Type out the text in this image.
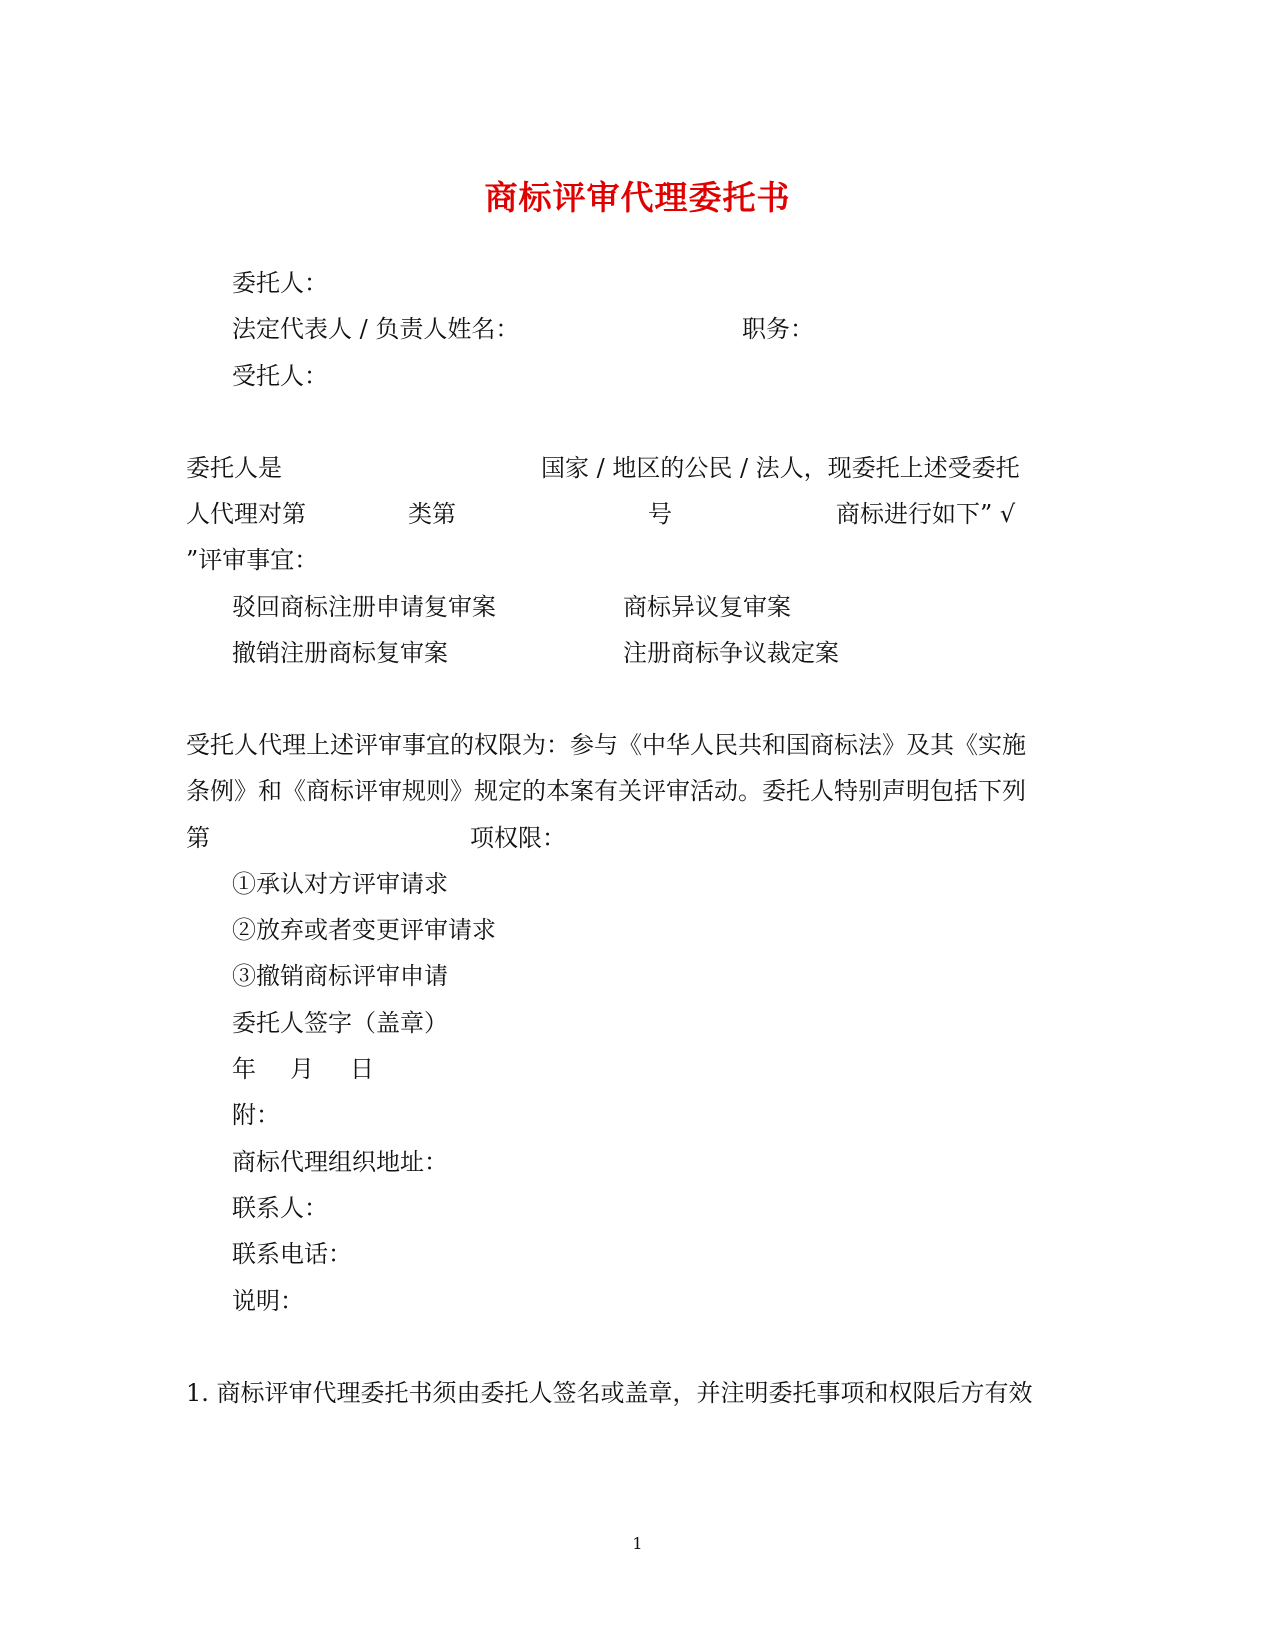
商标评审代理委托书
委托人：
法定代表人 / 负责人姓名：	职务：
受托人：
委托人是	国家 / 地区的公民 / 法人，现委托上述受委托
人代理对第	类第	号	商标进行如下” √
”评审事宜：
驳回商标注册申请复审案	商标异议复审案
撤销注册商标复审案	注册商标争议裁定案
受托人代理上述评审事宜的权限为：参与《中华人民共和国商标法》及其《实施
条例》和《商标评审规则》规定的本案有关评审活动。委托人特别声明包括下列
第	项权限：
①承认对方评审请求
②放弃或者变更评审请求
③撤销商标评审申请
委托人签字（盖章）
年 月 日
附：
商标代理组织地址：
联系人：
联系电话：
说明：
1. 商标评审代理委托书须由委托人签名或盖章，并注明委托事项和权限后方有效
1
